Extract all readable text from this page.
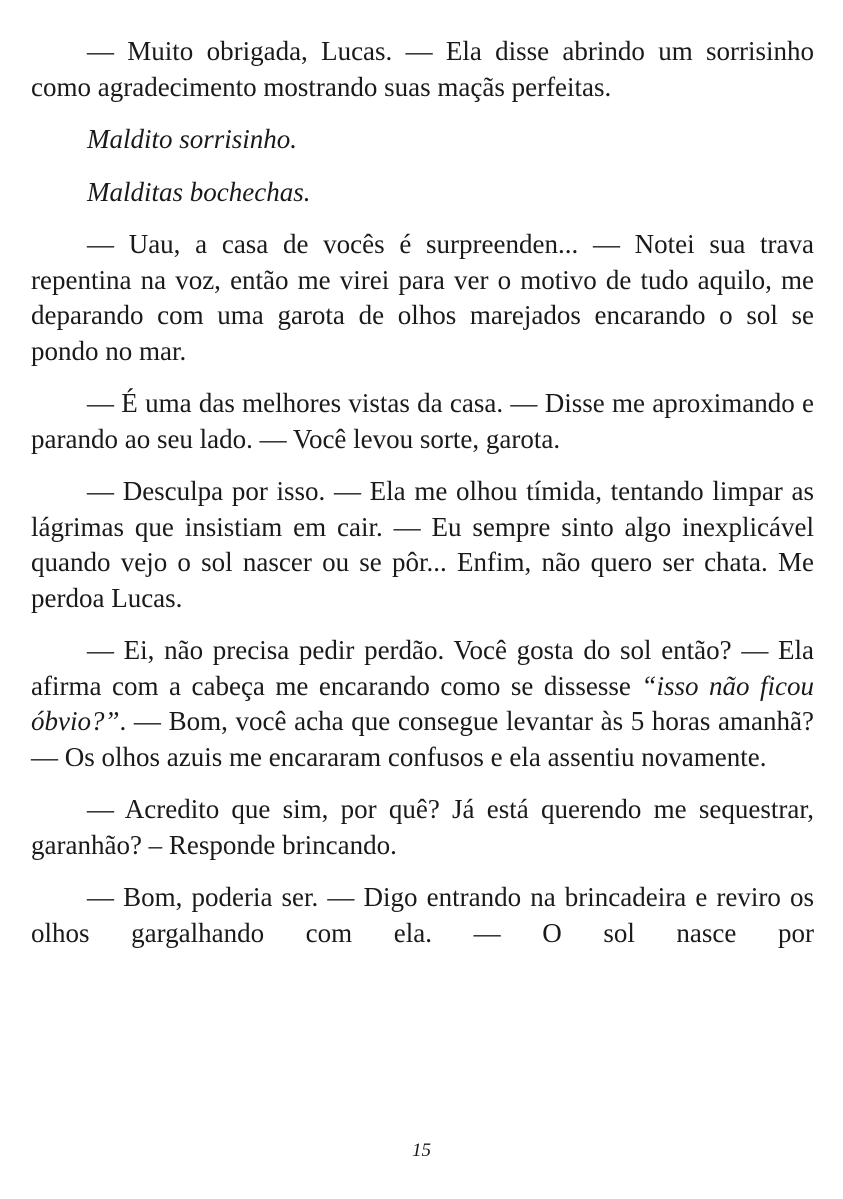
— Muito obrigada, Lucas. — Ela disse abrindo um sorrisinho como agradecimento mostrando suas maçãs perfeitas.

Maldito sorrisinho.

Malditas bochechas.

— Uau, a casa de vocês é surpreenden... — Notei sua trava repentina na voz, então me virei para ver o motivo de tudo aquilo, me deparando com uma garota de olhos marejados encarando o sol se pondo no mar.

— É uma das melhores vistas da casa. — Disse me aproximando e parando ao seu lado. — Você levou sorte, garota.

— Desculpa por isso. — Ela me olhou tímida, tentando limpar as lágrimas que insistiam em cair. — Eu sempre sinto algo inexplicável quando vejo o sol nascer ou se pôr... Enfim, não quero ser chata. Me perdoa Lucas.

— Ei, não precisa pedir perdão. Você gosta do sol então? — Ela afirma com a cabeça me encarando como se dissesse “isso não ficou óbvio?”. — Bom, você acha que consegue levantar às 5 horas amanhã? — Os olhos azuis me encararam confusos e ela assentiu novamente.

— Acredito que sim, por quê? Já está querendo me sequestrar, garanhão? – Responde brincando.

— Bom, poderia ser. — Digo entrando na brincadeira e reviro os olhos gargalhando com ela. — O sol nasce por

15
